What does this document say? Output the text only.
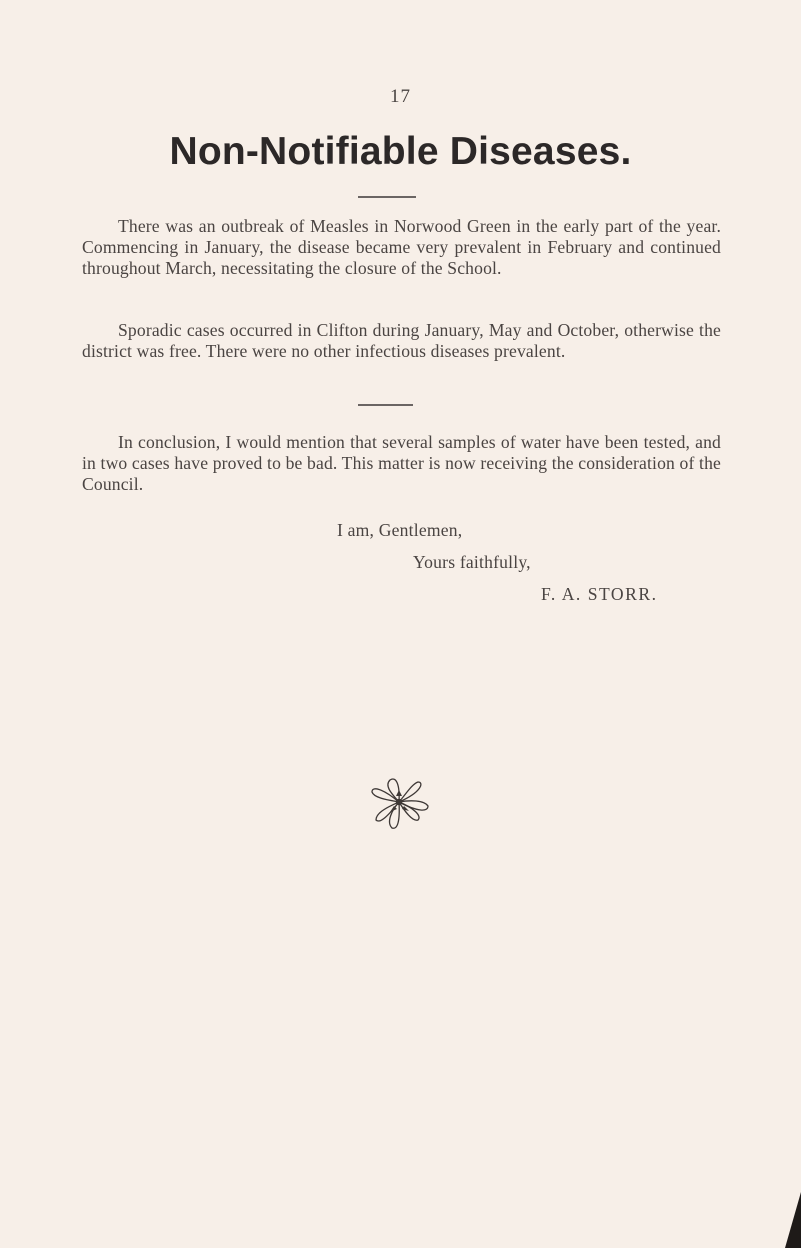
17
Non-Notifiable Diseases.

There was an outbreak of Measles in Norwood Green in the early part of the year. Commencing in January, the disease became very prevalent in February and continued throughout March, necessitating the closure of the School.

Sporadic cases occurred in Clifton during January, May and October, otherwise the district was free. There were no other infectious diseases prevalent.

In conclusion, I would mention that several samples of water have been tested, and in two cases have proved to be bad. This matter is now receiving the consideration of the Council.

I am, Gentlemen,
Yours faithfully,
F. A. STORR.
